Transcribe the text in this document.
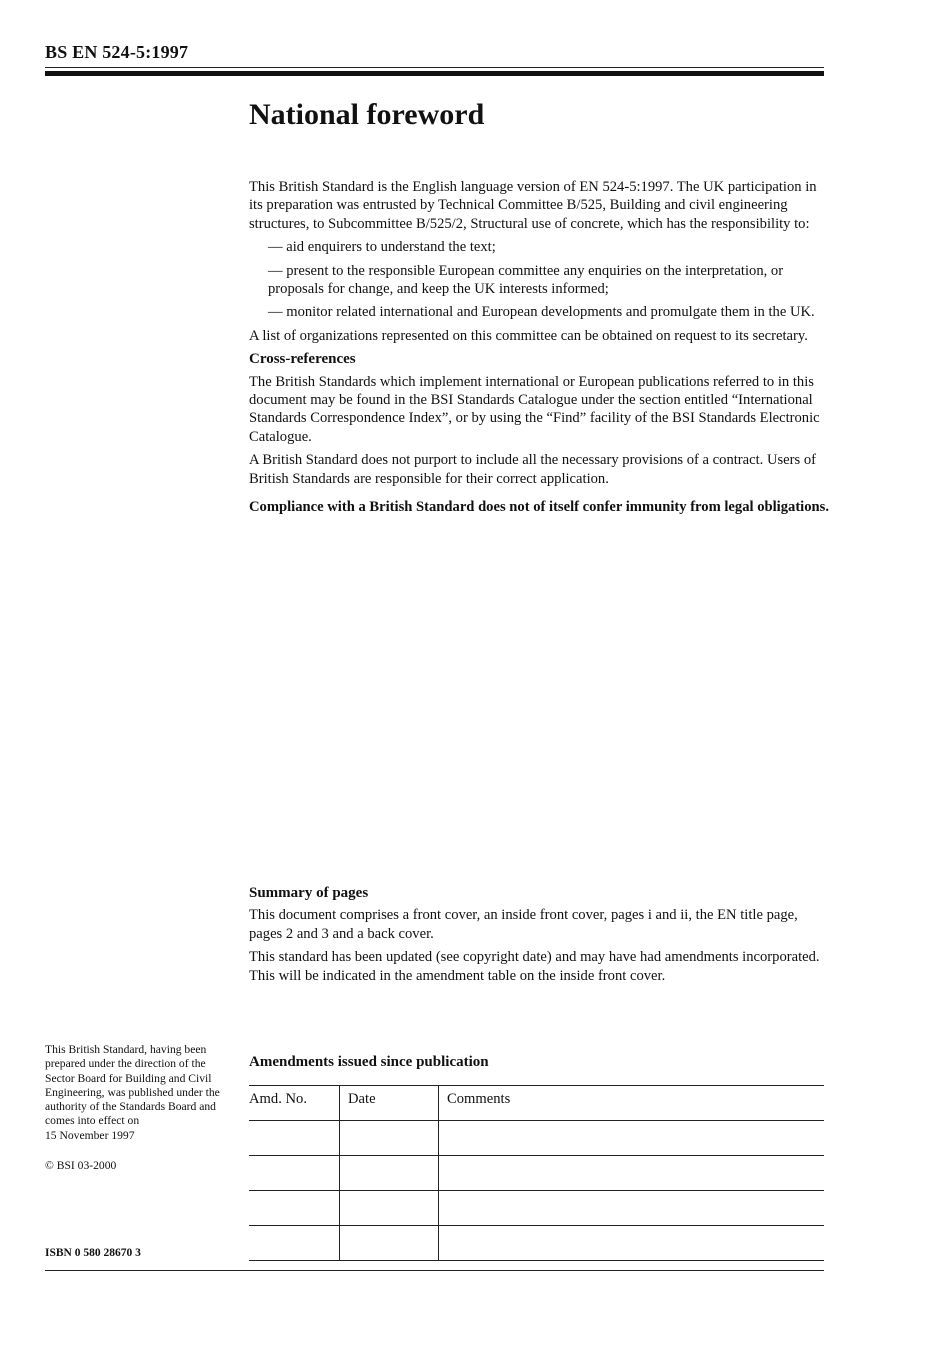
BS EN 524-5:1997
National foreword

This British Standard is the English language version of EN 524-5:1997. The UK participation in its preparation was entrusted by Technical Committee B/525, Building and civil engineering structures, to Subcommittee B/525/2, Structural use of concrete, which has the responsibility to:

— aid enquirers to understand the text;

— present to the responsible European committee any enquiries on the interpretation, or proposals for change, and keep the UK interests informed;

— monitor related international and European developments and promulgate them in the UK.

A list of organizations represented on this committee can be obtained on request to its secretary.

Cross-references

The British Standards which implement international or European publications referred to in this document may be found in the BSI Standards Catalogue under the section entitled “International Standards Correspondence Index”, or by using the “Find” facility of the BSI Standards Electronic Catalogue.

A British Standard does not purport to include all the necessary provisions of a contract. Users of British Standards are responsible for their correct application.

Compliance with a British Standard does not of itself confer immunity from legal obligations.

Summary of pages

This document comprises a front cover, an inside front cover, pages i and ii, the EN title page, pages 2 and 3 and a back cover.

This standard has been updated (see copyright date) and may have had amendments incorporated. This will be indicated in the amendment table on the inside front cover.

This British Standard, having been prepared under the direction of the Sector Board for Building and Civil Engineering, was published under the authority of the Standards Board and comes into effect on
15 November 1997
© BSI 03-2000
ISBN 0 580 28670 3
Amendments issued since publication
Amd. No.	Date	Comments
